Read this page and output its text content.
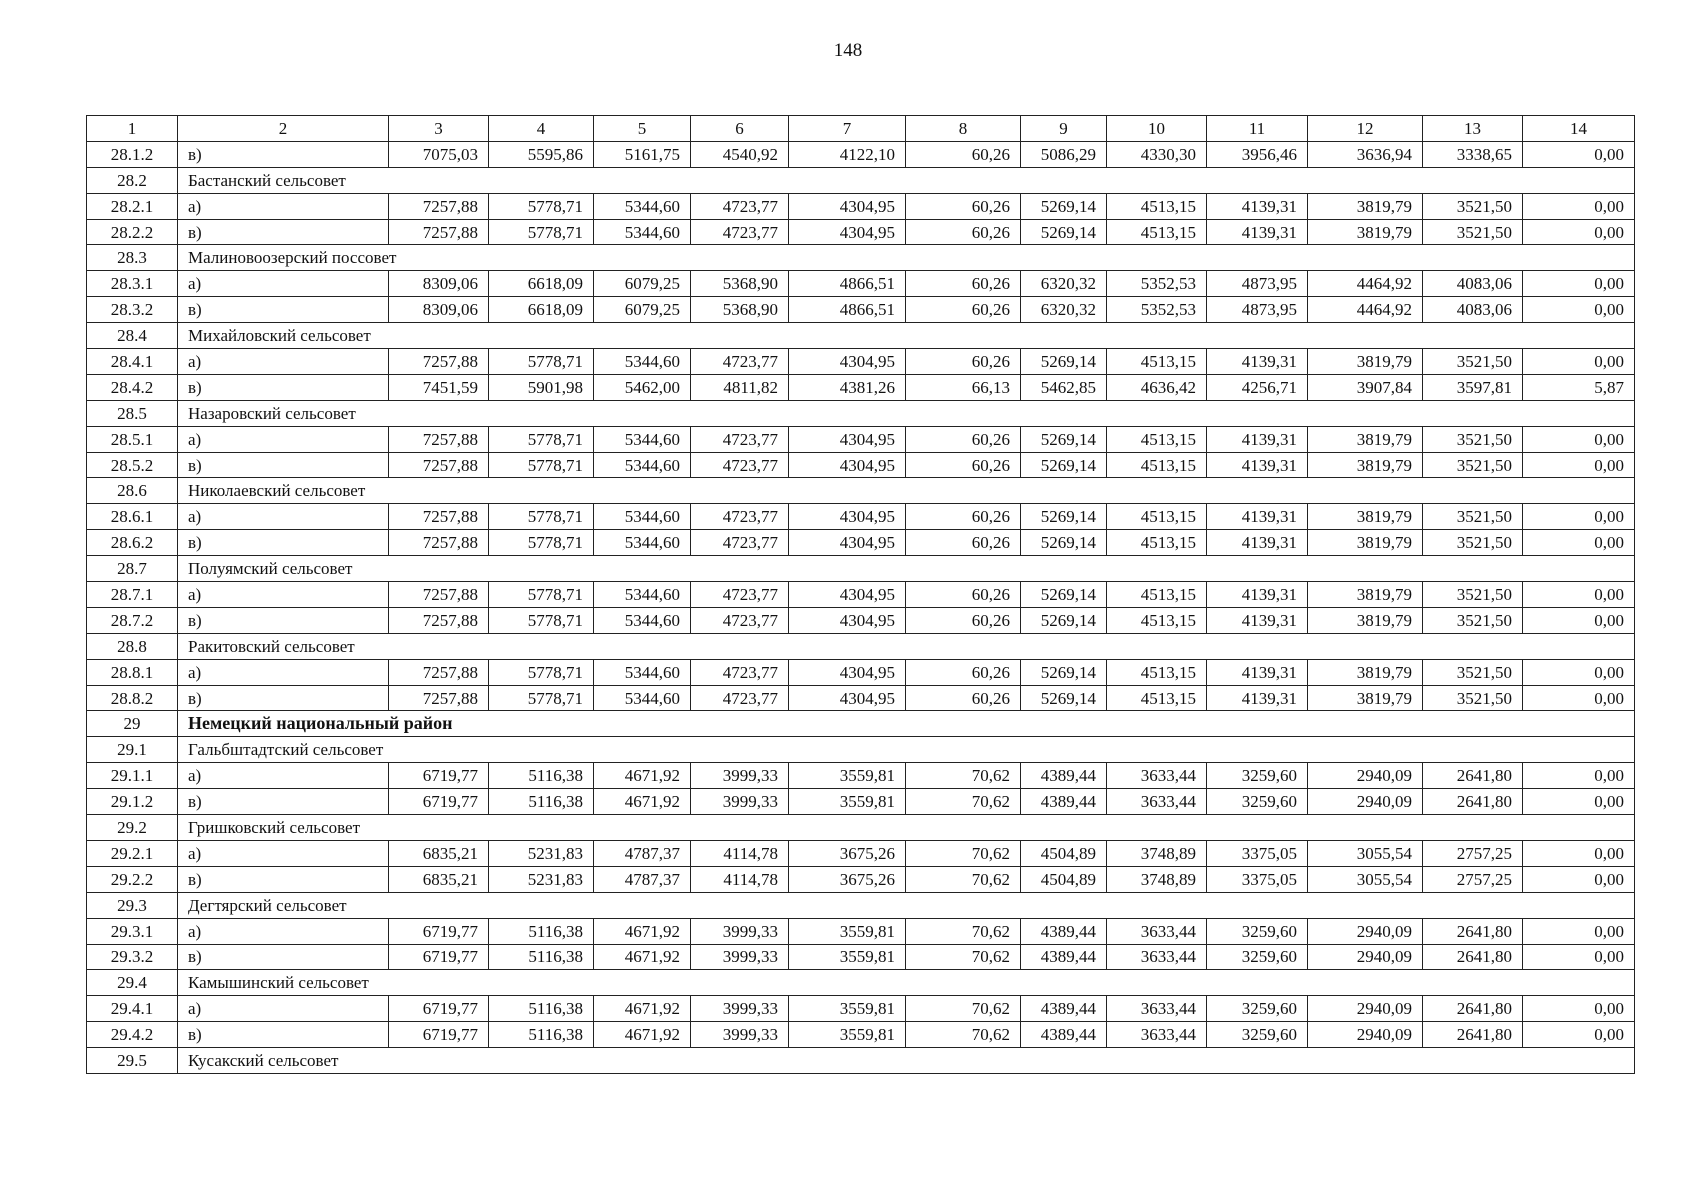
148
1	2	3	4	5	6	7	8	9	10	11	12	13	14
28.1.2	в)	7075,03	5595,86	5161,75	4540,92	4122,10	60,26	5086,29	4330,30	3956,46	3636,94	3338,65	0,00
28.2	Бастанский сельсовет												
28.2.1	а)	7257,88	5778,71	5344,60	4723,77	4304,95	60,26	5269,14	4513,15	4139,31	3819,79	3521,50	0,00
28.2.2	в)	7257,88	5778,71	5344,60	4723,77	4304,95	60,26	5269,14	4513,15	4139,31	3819,79	3521,50	0,00
28.3	Малиновоозерский поссовет												
28.3.1	а)	8309,06	6618,09	6079,25	5368,90	4866,51	60,26	6320,32	5352,53	4873,95	4464,92	4083,06	0,00
28.3.2	в)	8309,06	6618,09	6079,25	5368,90	4866,51	60,26	6320,32	5352,53	4873,95	4464,92	4083,06	0,00
28.4	Михайловский сельсовет												
28.4.1	а)	7257,88	5778,71	5344,60	4723,77	4304,95	60,26	5269,14	4513,15	4139,31	3819,79	3521,50	0,00
28.4.2	в)	7451,59	5901,98	5462,00	4811,82	4381,26	66,13	5462,85	4636,42	4256,71	3907,84	3597,81	5,87
28.5	Назаровский сельсовет												
28.5.1	а)	7257,88	5778,71	5344,60	4723,77	4304,95	60,26	5269,14	4513,15	4139,31	3819,79	3521,50	0,00
28.5.2	в)	7257,88	5778,71	5344,60	4723,77	4304,95	60,26	5269,14	4513,15	4139,31	3819,79	3521,50	0,00
28.6	Николаевский сельсовет												
28.6.1	а)	7257,88	5778,71	5344,60	4723,77	4304,95	60,26	5269,14	4513,15	4139,31	3819,79	3521,50	0,00
28.6.2	в)	7257,88	5778,71	5344,60	4723,77	4304,95	60,26	5269,14	4513,15	4139,31	3819,79	3521,50	0,00
28.7	Полуямский сельсовет												
28.7.1	а)	7257,88	5778,71	5344,60	4723,77	4304,95	60,26	5269,14	4513,15	4139,31	3819,79	3521,50	0,00
28.7.2	в)	7257,88	5778,71	5344,60	4723,77	4304,95	60,26	5269,14	4513,15	4139,31	3819,79	3521,50	0,00
28.8	Ракитовский сельсовет												
28.8.1	а)	7257,88	5778,71	5344,60	4723,77	4304,95	60,26	5269,14	4513,15	4139,31	3819,79	3521,50	0,00
28.8.2	в)	7257,88	5778,71	5344,60	4723,77	4304,95	60,26	5269,14	4513,15	4139,31	3819,79	3521,50	0,00
29	Немецкий национальный район												
29.1	Гальбштадтский сельсовет												
29.1.1	а)	6719,77	5116,38	4671,92	3999,33	3559,81	70,62	4389,44	3633,44	3259,60	2940,09	2641,80	0,00
29.1.2	в)	6719,77	5116,38	4671,92	3999,33	3559,81	70,62	4389,44	3633,44	3259,60	2940,09	2641,80	0,00
29.2	Гришковский сельсовет												
29.2.1	а)	6835,21	5231,83	4787,37	4114,78	3675,26	70,62	4504,89	3748,89	3375,05	3055,54	2757,25	0,00
29.2.2	в)	6835,21	5231,83	4787,37	4114,78	3675,26	70,62	4504,89	3748,89	3375,05	3055,54	2757,25	0,00
29.3	Дегтярский сельсовет												
29.3.1	а)	6719,77	5116,38	4671,92	3999,33	3559,81	70,62	4389,44	3633,44	3259,60	2940,09	2641,80	0,00
29.3.2	в)	6719,77	5116,38	4671,92	3999,33	3559,81	70,62	4389,44	3633,44	3259,60	2940,09	2641,80	0,00
29.4	Камышинский сельсовет												
29.4.1	а)	6719,77	5116,38	4671,92	3999,33	3559,81	70,62	4389,44	3633,44	3259,60	2940,09	2641,80	0,00
29.4.2	в)	6719,77	5116,38	4671,92	3999,33	3559,81	70,62	4389,44	3633,44	3259,60	2940,09	2641,80	0,00
29.5	Кусакский сельсовет												
